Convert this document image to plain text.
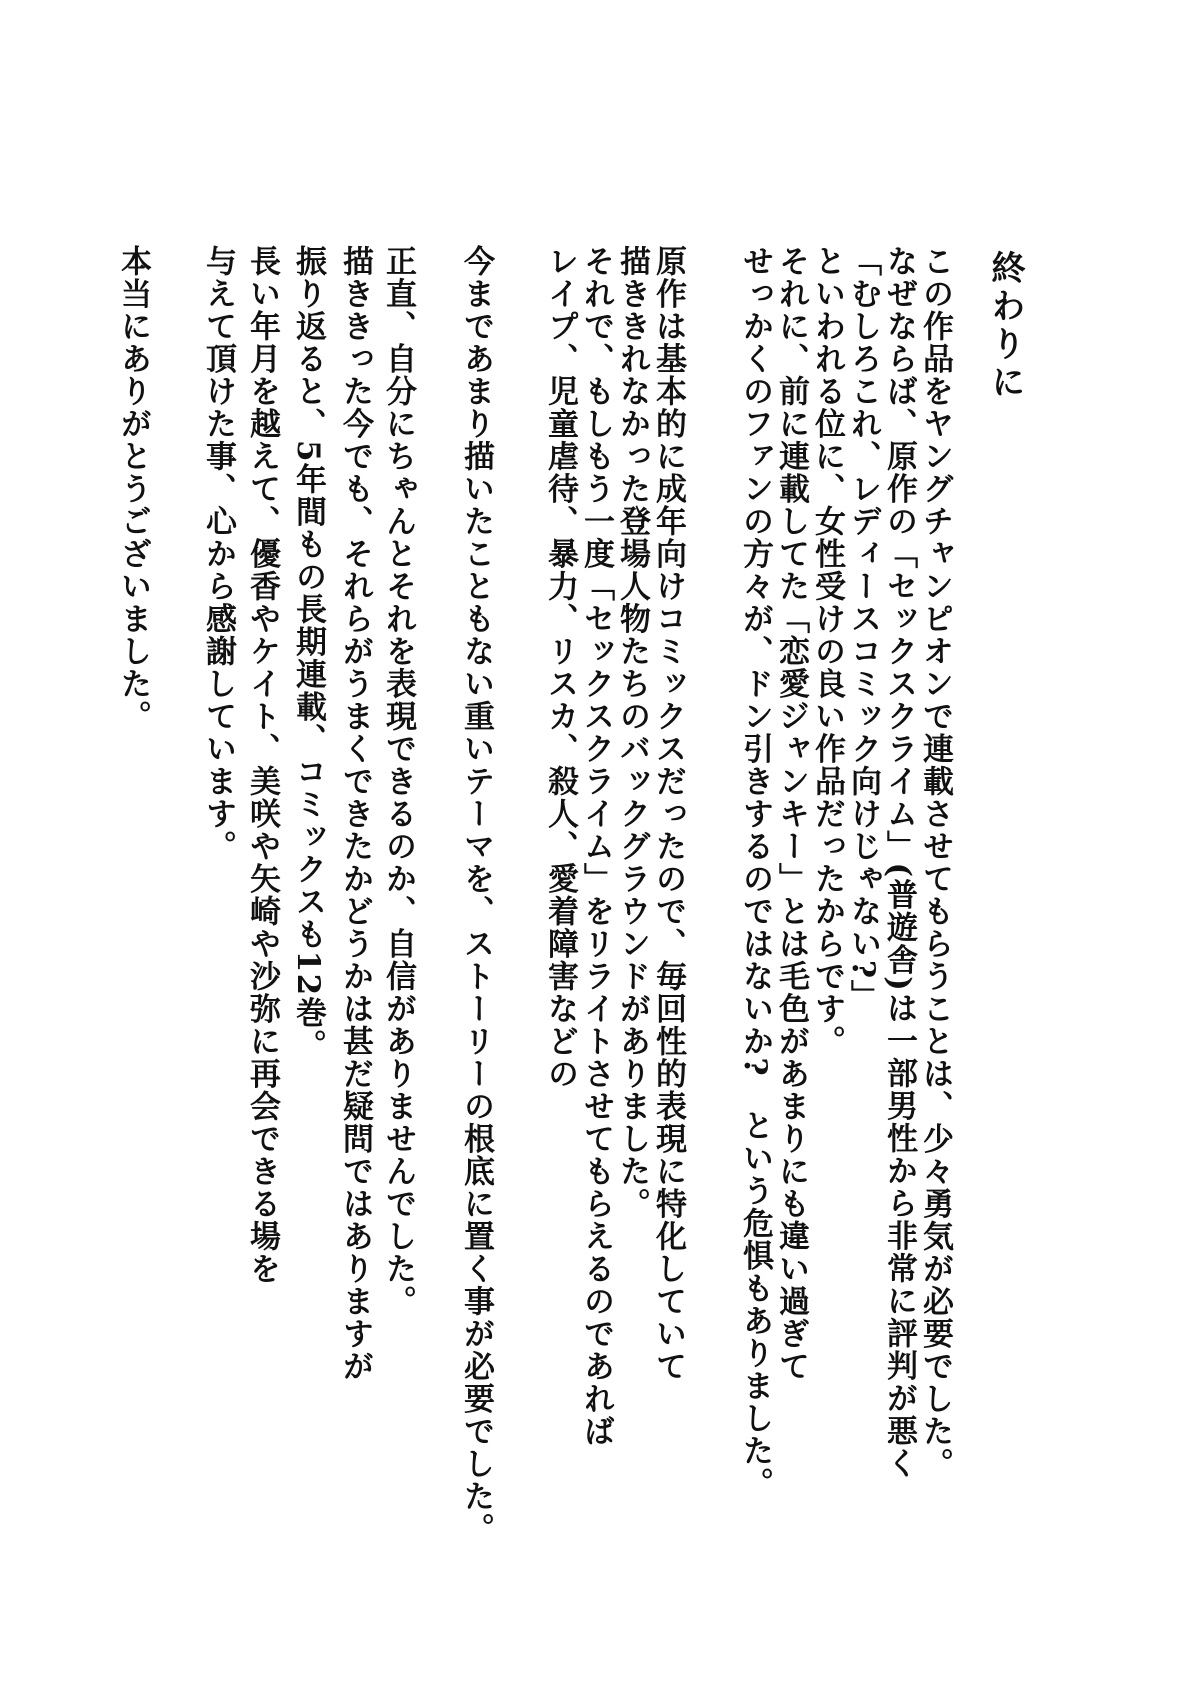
終わりに
この作品をヤングチャンピオンで連載させてもらうことは、少々勇気が必要でした。
なぜならば、原作の「セックスクライム」(普遊舎)は一部男性から非常に評判が悪く
「むしろこれ、レディースコミック向けじゃない?」
といわれる位に、女性受けの良い作品だったからです。
それに、前に連載してた「恋愛ジャンキー」とは毛色があまりにも違い過ぎて
せっかくのファンの方々が、ドン引きするのではないか?　という危惧もありました。
原作は基本的に成年向けコミックスだったので、毎回性的表現に特化していて
描ききれなかった登場人物たちのバックグラウンドがありました。
それで、もしもう一度「セックスクライム」をリライトさせてもらえるのであれば
レイプ、児童虐待、暴力、リスカ、殺人、愛着障害などの
今まであまり描いたこともない重いテーマを、ストーリーの根底に置く事が必要でした。
正直、自分にちゃんとそれを表現できるのか、自信がありませんでした。
描ききった今でも、それらがうまくできたかどうかは甚だ疑問ではありますが
振り返ると、5年間もの長期連載、コミックスも12巻。
長い年月を越えて、優香やケイト、美咲や矢崎や沙弥に再会できる場を
与えて頂けた事、心から感謝しています。
本当にありがとうございました。
